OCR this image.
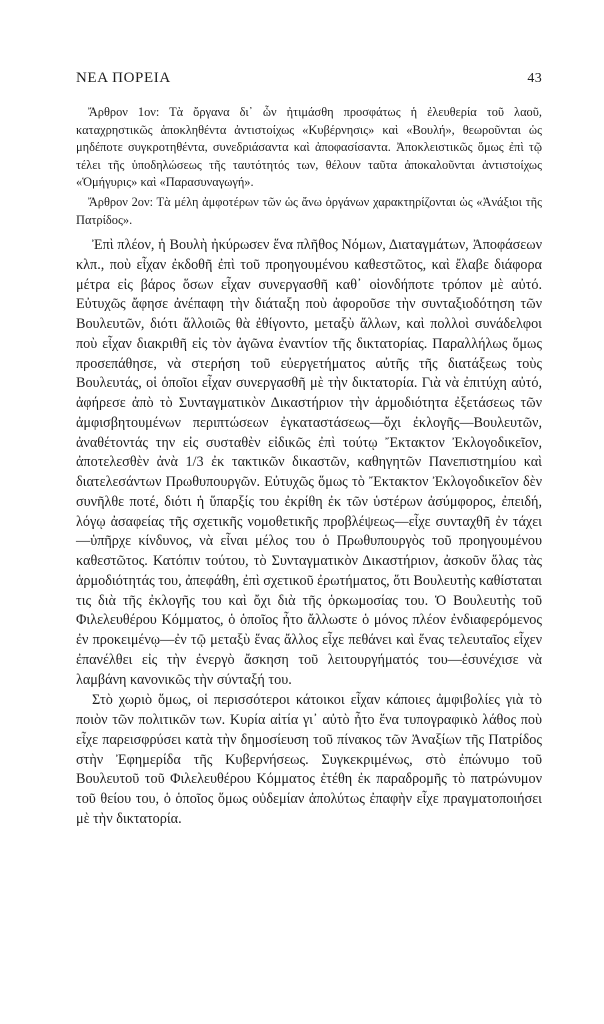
ΝΕΑ ΠΟΡΕΙΑ	43

Ἄρθρον 1ον: Τὰ ὄργανα δι᾽ ὧν ἠτιμάσθη προσφάτως ἡ ἐλευθερία τοῦ λαοῦ, καταχρηστικῶς ἀποκληθέντα ἀντιστοίχως «Κυβέρνησις» καὶ «Βουλή», θεωροῦνται ὡς μηδέποτε συγκροτηθέντα, συνεδριάσαντα καὶ ἀποφασίσαντα. Ἀποκλειστικῶς ὅμως ἐπὶ τῷ τέλει τῆς ὑποδηλώσεως τῆς ταυτότητός των, θέλουν ταῦτα ἀποκαλοῦνται ἀντιστοίχως «Ὁμήγυρις» καὶ «Παρασυναγωγή».

Ἄρθρον 2ον: Τὰ μέλη ἀμφοτέρων τῶν ὡς ἄνω ὀργάνων χαρακτηρίζονται ὡς «Ἀνάξιοι τῆς Πατρίδος».

Ἐπὶ πλέον, ἡ Βουλὴ ἠκύρωσεν ἕνα πλῆθος Νόμων, Διαταγμάτων, Ἀποφάσεων κλπ., ποὺ εἶχαν ἐκδοθῆ ἐπὶ τοῦ προηγουμένου καθεστῶτος, καὶ ἔλαβε διάφορα μέτρα εἰς βάρος ὅσων εἶχαν συνεργασθῆ καθ᾽ οἱονδήποτε τρόπον μὲ αὐτό. Εὐτυχῶς ἄφησε ἀνέπαφη τὴν διάταξη ποὺ ἀφοροῦσε τὴν συνταξιοδότηση τῶν Βουλευτῶν, διότι ἄλλοιῶς θὰ ἐθίγοντο, μεταξὺ ἄλλων, καὶ πολλοὶ συνάδελφοι ποὺ εἶχαν διακριθῆ εἰς τὸν ἀγῶνα ἐναντίον τῆς δικτατορίας. Παραλλήλως ὅμως προσεπάθησε, νὰ στερήση τοῦ εὐεργετήματος αὐτῆς τῆς διατάξεως τοὺς Βουλευτάς, οἱ ὁποῖοι εἶχαν συνεργασθῆ μὲ τὴν δικτατορία. Γιὰ νὰ ἐπιτύχη αὐτό, ἀφήρεσε ἀπὸ τὸ Συνταγματικὸν Δικαστήριον τὴν ἁρμοδιότητα ἐξετάσεως τῶν ἀμφισβητουμένων περιπτώσεων ἐγκαταστάσεως—ὄχι ἐκλογῆς—Βουλευτῶν, ἀναθέτοντάς την εἰς συσταθὲν εἰδικῶς ἐπὶ τούτῳ Ἔκτακτον Ἐκλογοδικεῖον, ἀποτελεσθὲν ἀνὰ 1/3 ἐκ τακτικῶν δικαστῶν, καθηγητῶν Πανεπιστημίου καὶ διατελεσάντων Πρωθυπουργῶν. Εὐτυχῶς ὅμως τὸ Ἔκτακτον Ἐκλογοδικεῖον δὲν συνῆλθε ποτέ, διότι ἡ ὕπαρξίς του ἐκρίθη ἐκ τῶν ὑστέρων ἀσύμφορος, ἐπειδή, λόγῳ ἀσαφείας τῆς σχετικῆς νομοθετικῆς προβλέψεως—εἶχε συνταχθῆ ἐν τάχει—ὑπῆρχε κίνδυνος, νὰ εἶναι μέλος του ὁ Πρωθυπουργὸς τοῦ προηγουμένου καθεστῶτος. Κατόπιν τούτου, τὸ Συνταγματικὸν Δικαστήριον, ἀσκοῦν ὅλας τὰς ἁρμοδιότητάς του, ἀπεφάθη, ἐπὶ σχετικοῦ ἐρωτήματος, ὅτι Βουλευτὴς καθίσταται τις διὰ τῆς ἐκλογῆς του καὶ ὄχι διὰ τῆς ὁρκωμοσίας του. Ὁ Βουλευτὴς τοῦ Φιλελευθέρου Κόμματος, ὁ ὁποῖος ἦτο ἄλλωστε ὁ μόνος πλέον ἐνδιαφερόμενος ἐν προκειμένῳ—ἐν τῷ μεταξὺ ἕνας ἄλλος εἶχε πεθάνει καὶ ἕνας τελευταῖος εἶχεν ἐπανέλθει εἰς τὴν ἐνεργὸ ἄσκηση τοῦ λειτουργήματός του—ἐσυνέχισε νὰ λαμβάνη κανονικῶς τὴν σύνταξή του.

Στὸ χωριὸ ὅμως, οἱ περισσότεροι κάτοικοι εἶχαν κάποιες ἀμφιβολίες γιὰ τὸ ποιὸν τῶν πολιτικῶν των. Κυρία αἰτία γι᾽ αὐτὸ ἦτο ἕνα τυπογραφικὸ λάθος ποὺ εἶχε παρεισφρύσει κατὰ τὴν δημοσίευση τοῦ πίνακος τῶν Ἀναξίων τῆς Πατρίδος στὴν Ἐφημερίδα τῆς Κυβερνήσεως. Συγκεκριμένως, στὸ ἐπώνυμο τοῦ Βουλευτοῦ τοῦ Φιλελευθέρου Κόμματος ἐτέθη ἐκ παραδρομῆς τὸ πατρώνυμον τοῦ θείου του, ὁ ὁποῖος ὅμως οὐδεμίαν ἀπολύτως ἐπαφὴν εἶχε πραγματοποιήσει μὲ τὴν δικτατορία.
